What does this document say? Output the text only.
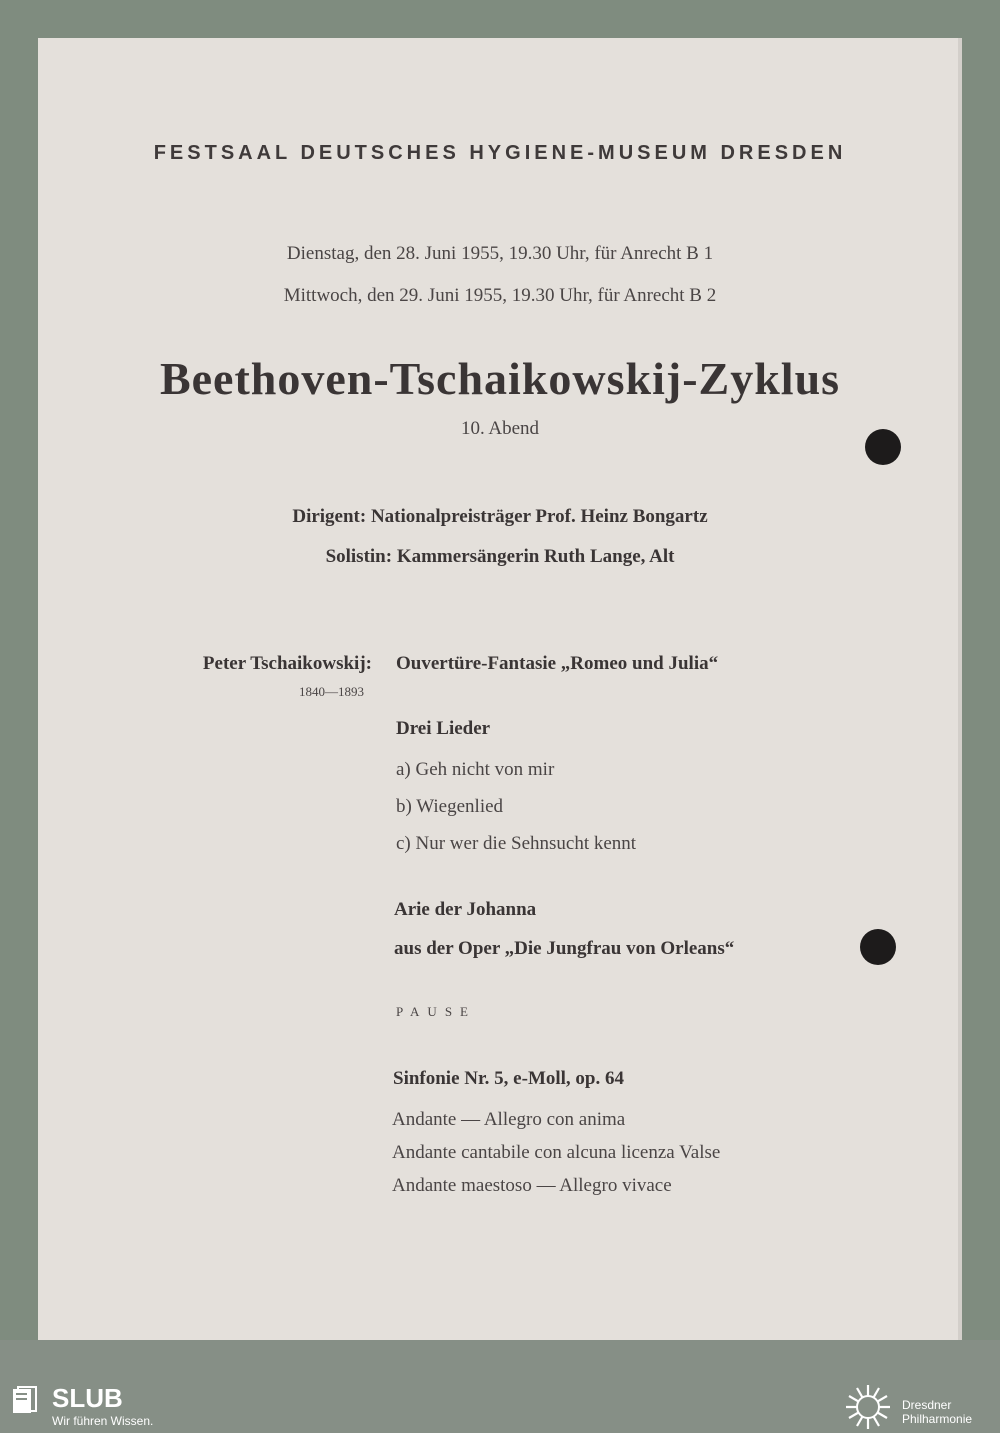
FESTSAAL DEUTSCHES HYGIENE-MUSEUM DRESDEN
Dienstag, den 28. Juni 1955, 19.30 Uhr, für Anrecht B 1
Mittwoch, den 29. Juni 1955, 19.30 Uhr, für Anrecht B 2
Beethoven-Tschaikowskij-Zyklus
10. Abend
Dirigent: Nationalpreisträger Prof. Heinz Bongartz
Solistin: Kammersängerin Ruth Lange, Alt
Peter Tschaikowskij:
1840—1893
Ouvertüre-Fantasie „Romeo und Julia“
Drei Lieder
a) Geh nicht von mir
b) Wiegenlied
c) Nur wer die Sehnsucht kennt
Arie der Johanna
aus der Oper „Die Jungfrau von Orleans“
PAUSE
Sinfonie Nr. 5, e-Moll, op. 64
Andante — Allegro con anima
Andante cantabile con alcuna licenza Valse
Andante maestoso — Allegro vivace
SLUB
Wir führen Wissen.
Dresdner
Philharmonie
